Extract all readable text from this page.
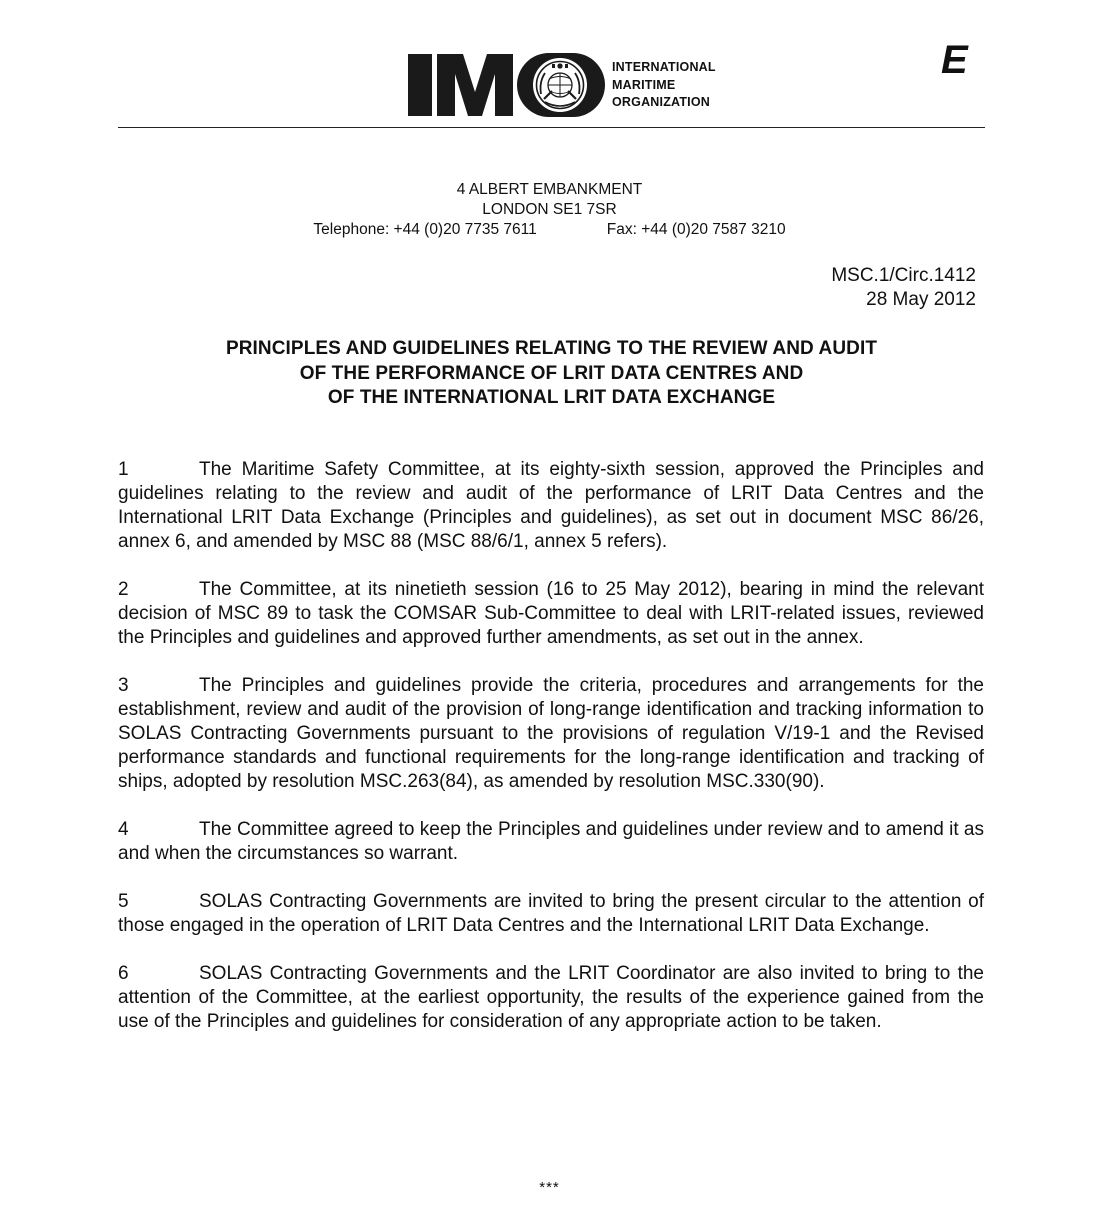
INTERNATIONAL
MARITIME
ORGANIZATION
E
4 ALBERT EMBANKMENT
LONDON SE1 7SR
Telephone: +44 (0)20 7735 7611	Fax: +44 (0)20 7587 3210
MSC.1/Circ.1412
28 May 2012
PRINCIPLES AND GUIDELINES RELATING TO THE REVIEW AND AUDIT
OF THE PERFORMANCE OF LRIT DATA CENTRES AND
OF THE INTERNATIONAL LRIT DATA EXCHANGE

1	The Maritime Safety Committee, at its eighty-sixth session, approved the Principles and guidelines relating to the review and audit of the performance of LRIT Data Centres and the International LRIT Data Exchange (Principles and guidelines), as set out in document MSC 86/26, annex 6, and amended by MSC 88 (MSC 88/6/1, annex 5 refers).

2	The Committee, at its ninetieth session (16 to 25 May 2012), bearing in mind the relevant decision of MSC 89 to task the COMSAR Sub-Committee to deal with LRIT-related issues, reviewed the Principles and guidelines and approved further amendments, as set out in the annex.

3	The Principles and guidelines provide the criteria, procedures and arrangements for the establishment, review and audit of the provision of long-range identification and tracking information to SOLAS Contracting Governments pursuant to the provisions of regulation V/19-1 and the Revised performance standards and functional requirements for the long-range identification and tracking of ships, adopted by resolution MSC.263(84), as amended by resolution MSC.330(90).

4	The Committee agreed to keep the Principles and guidelines under review and to amend it as and when the circumstances so warrant.

5	SOLAS Contracting Governments are invited to bring the present circular to the attention of those engaged in the operation of LRIT Data Centres and the International LRIT Data Exchange.

6	SOLAS Contracting Governments and the LRIT Coordinator are also invited to bring to the attention of the Committee, at the earliest opportunity, the results of the experience gained from the use of the Principles and guidelines for consideration of any appropriate action to be taken.

***
